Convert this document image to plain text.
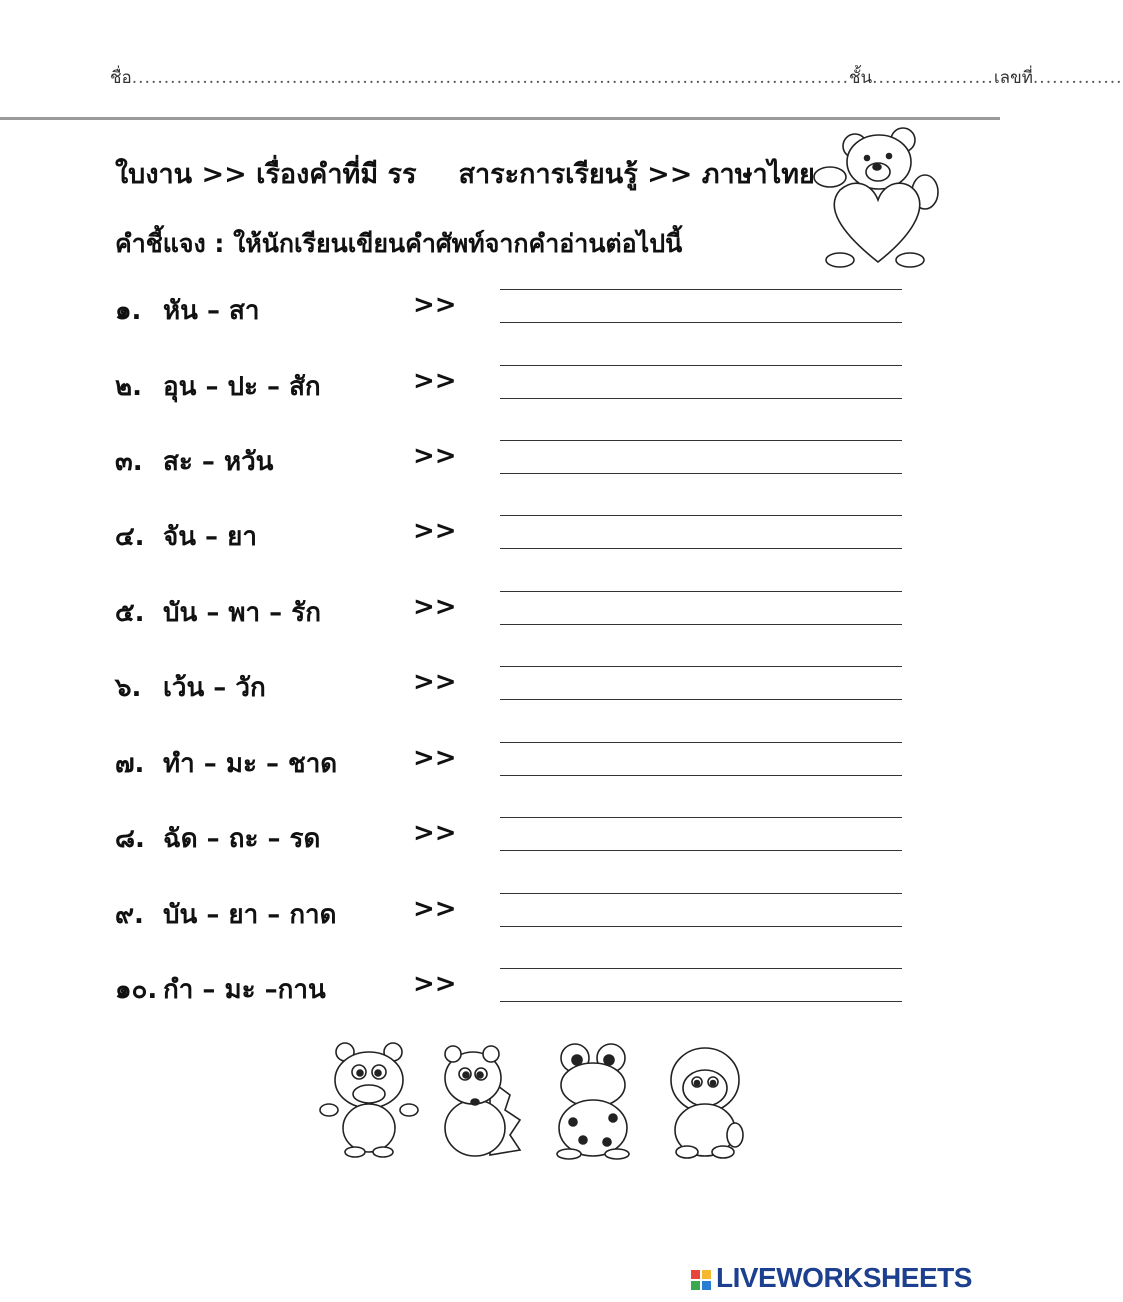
ชื่อ................................................................................................................ชั้น...................เลขที่..............
ใบงาน >> เรื่องคำที่มี รร สาระการเรียนรู้ >> ภาษาไทย
คำชี้แจง : ให้นักเรียนเขียนคำศัพท์จากคำอ่านต่อไปนี้
๑. หัน – สา	>>
๒. อุน – ปะ – สัก	>>
๓. สะ – หวัน	>>
๔. จัน – ยา	>>
๕. บัน – พา – รัก	>>
๖. เว้น – วัก	>>
๗. ทำ – มะ – ชาด	>>
๘. ฉัด – ถะ – รด	>>
๙. บัน – ยา – กาด	>>
๑๐. กำ – มะ –กาน	>>
LIVEWORKSHEETS
